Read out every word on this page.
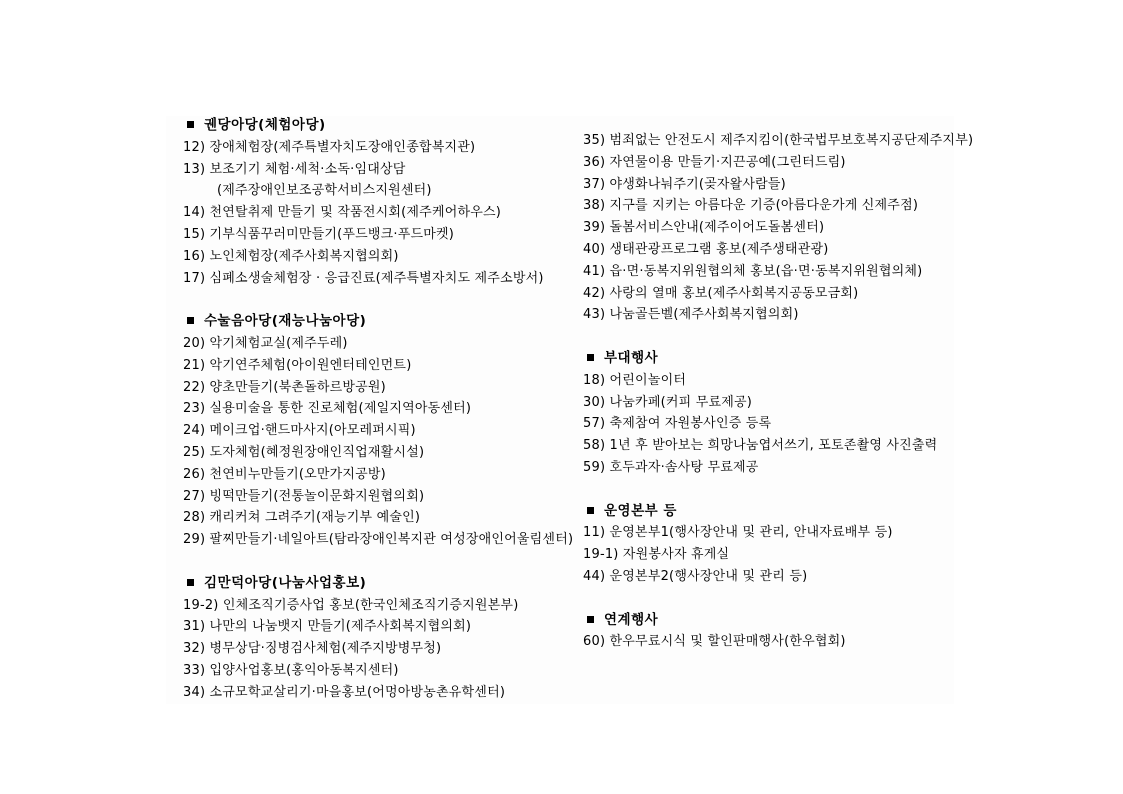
궨당아당(체험아당)
12) 장애체험장(제주특별자치도장애인종합복지관)
13) 보조기기 체험·세척·소독·임대상담
(제주장애인보조공학서비스지원센터)
14) 천연탈취제 만들기 및 작품전시회(제주케어하우스)
15) 기부식품꾸러미만들기(푸드뱅크·푸드마켓)
16) 노인체험장(제주사회복지협의회)
17) 심폐소생술체험장 · 응급진료(제주특별자치도 제주소방서)
수눌음아당(재능나눔아당)
20) 악기체험교실(제주두레)
21) 악기연주체험(아이원엔터테인먼트)
22) 양초만들기(북촌돌하르방공원)
23) 실용미술을 통한 진로체험(제일지역아동센터)
24) 메이크업·핸드마사지(아모레퍼시픽)
25) 도자체험(혜정원장애인직업재활시설)
26) 천연비누만들기(오만가지공방)
27) 빙떡만들기(전통놀이문화지원협의회)
28) 캐리커쳐 그려주기(재능기부 예술인)
29) 팔찌만들기·네일아트(탐라장애인복지관 여성장애인어울림센터)
김만덕아당(나눔사업홍보)
19-2) 인체조직기증사업 홍보(한국인체조직기증지원본부)
31) 나만의 나눔뱃지 만들기(제주사회복지협의회)
32) 병무상담·징병검사체험(제주지방병무청)
33) 입양사업홍보(홍익아동복지센터)
34) 소규모학교살리기·마을홍보(어멍아방농촌유학센터)
35) 범죄없는 안전도시 제주지킴이(한국법무보호복지공단제주지부)
36) 자연물이용 만들기·지끈공예(그린터드림)
37) 야생화나눠주기(곶자왈사람들)
38) 지구를 지키는 아름다운 기증(아름다운가게 신제주점)
39) 돌봄서비스안내(제주이어도돌봄센터)
40) 생태관광프로그램 홍보(제주생태관광)
41) 읍·면·동복지위원협의체 홍보(읍·면·동복지위원협의체)
42) 사랑의 열매 홍보(제주사회복지공동모금회)
43) 나눔골든벨(제주사회복지협의회)
부대행사
18) 어린이놀이터
30) 나눔카페(커피 무료제공)
57) 축제참여 자원봉사인증 등록
58) 1년 후 받아보는 희망나눔엽서쓰기, 포토존촬영 사진출력
59) 호두과자·솜사탕 무료제공
운영본부 등
11) 운영본부1(행사장안내 및 관리, 안내자료배부 등)
19-1) 자원봉사자 휴게실
44) 운영본부2(행사장안내 및 관리 등)
연계행사
60) 한우무료시식 및 할인판매행사(한우협회)
